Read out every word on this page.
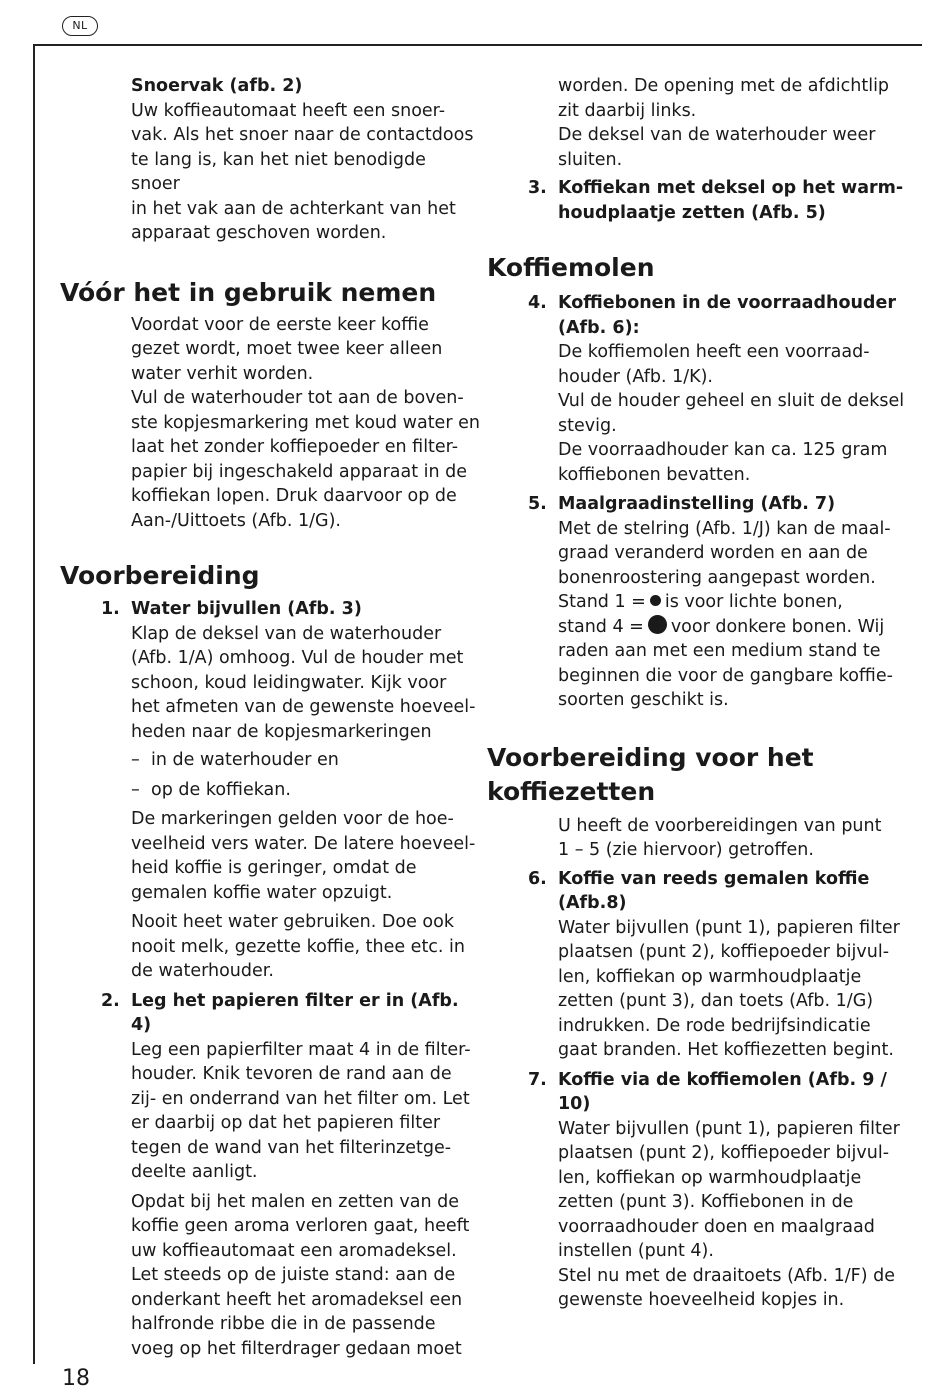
NL
18

Snoervak (afb. 2)

Uw koffieautomaat heeft een snoer-
vak. Als het snoer naar de contactdoos
te lang is, kan het niet benodigde snoer
in het vak aan de achterkant van het
apparaat geschoven worden.
Vóór het in gebruik nemen
Voordat voor de eerste keer koffie
gezet wordt, moet twee keer alleen
water verhit worden.
Vul de waterhouder tot aan de boven-
ste kopjesmarkering met koud water en
laat het zonder koffiepoeder en filter-
papier bij ingeschakeld apparaat in de
koffiekan lopen. Druk daarvoor op de
Aan-/Uittoets (Afb. 1/G).
Voorbereiding
1. Water bijvullen (Afb. 3)

Klap de deksel van de waterhouder
(Afb. 1/A) omhoog. Vul de houder met
schoon, koud leidingwater. Kijk voor
het afmeten van de gewenste hoeveel-
heden naar de kopjesmarkeringen
– in de waterhouder en
– op de koffiekan.
De markeringen gelden voor de hoe-
veelheid vers water. De latere hoeveel-
heid koffie is geringer, omdat de
gemalen koffie water opzuigt.
Nooit heet water gebruiken. Doe ook
nooit melk, gezette koffie, thee etc. in
de waterhouder.
2. Leg het papieren filter er in (Afb. 4)

Leg een papierfilter maat 4 in de filter-
houder. Knik tevoren de rand aan de
zij- en onderrand van het filter om. Let
er daarbij op dat het papieren filter
tegen de wand van het filterinzetge-
deelte aanligt.
Opdat bij het malen en zetten van de
koffie geen aroma verloren gaat, heeft
uw koffieautomaat een aromadeksel.
Let steeds op de juiste stand: aan de
onderkant heeft het aromadeksel een
halfronde ribbe die in de passende
voeg op het filterdrager gedaan moet
worden. De opening met de afdichtlip
zit daarbij links.
De deksel van de waterhouder weer
sluiten.
3. Koffiekan met deksel op het warm-
houdplaatje zetten (Afb. 5)
Koffiemolen
4. Koffiebonen in de voorraadhouder
(Afb. 6):
De koffiemolen heeft een voorraad-
houder (Afb. 1/K).
Vul de houder geheel en sluit de deksel
stevig.
De voorraadhouder kan ca. 125 gram
koffiebonen bevatten.
5. Maalgraadinstelling (Afb. 7)

Met de stelring (Afb. 1/J) kan de maal-
graad veranderd worden en aan de
bonenroostering aangepast worden.

Stand 1 = is voor lichte bonen,

stand 4 = voor donkere bonen. Wij

raden aan met een medium stand te
beginnen die voor de gangbare koffie-
soorten geschikt is.
Voorbereiding voor het
koffiezetten
U heeft de voorbereidingen van punt
1 – 5 (zie hiervoor) getroffen.
6. Koffie van reeds gemalen koffie
(Afb.8)
Water bijvullen (punt 1), papieren filter
plaatsen (punt 2), koffiepoeder bijvul-
len, koffiekan op warmhoudplaatje
zetten (punt 3), dan toets (Afb. 1/G)
indrukken. De rode bedrijfsindicatie
gaat branden. Het koffiezetten begint.
7. Koffie via de koffiemolen (Afb. 9 / 10)

Water bijvullen (punt 1), papieren filter
plaatsen (punt 2), koffiepoeder bijvul-
len, koffiekan op warmhoudplaatje
zetten (punt 3). Koffiebonen in de
voorraadhouder doen en maalgraad
instellen (punt 4).
Stel nu met de draaitoets (Afb. 1/F) de
gewenste hoeveelheid kopjes in.
